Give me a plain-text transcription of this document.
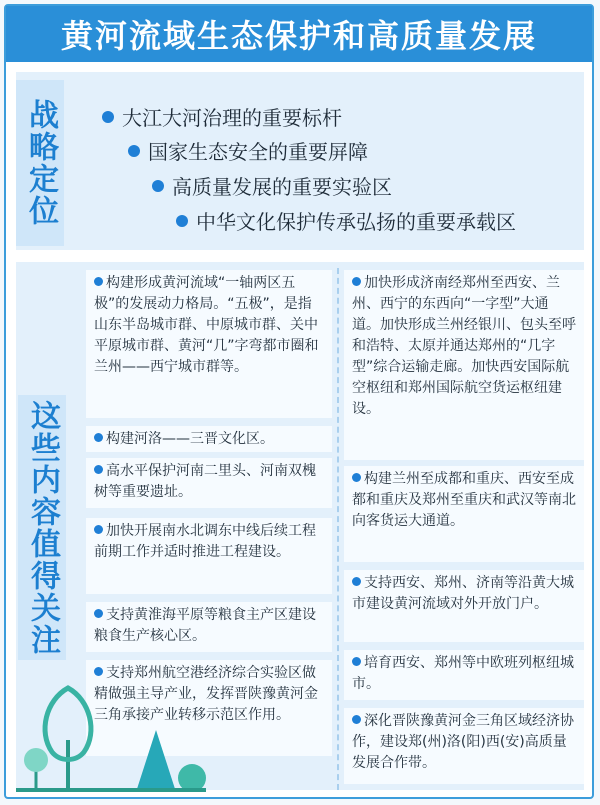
黄河流域生态保护和高质量发展
战略定位	大江大河治理的重要标杆
国家生态安全的重要屏障
高质量发展的重要实验区
中华文化保护传承弘扬的重要承载区
这些内容值得关注
构建形成黄河流域“一轴两区五极”的发展动力格局。“五极”，是指山东半岛城市群、中原城市群、关中平原城市群、黄河“几”字弯都市圈和兰州——西宁城市群等。
构建河洛——三晋文化区。
高水平保护河南二里头、河南双槐树等重要遗址。
加快开展南水北调东中线后续工程前期工作并适时推进工程建设。
支持黄淮海平原等粮食主产区建设粮食生产核心区。
支持郑州航空港经济综合实验区做精做强主导产业，发挥晋陕豫黄河金三角承接产业转移示范区作用。
加快形成济南经郑州至西安、兰州、西宁的东西向“一字型”大通道。加快形成兰州经银川、包头至呼和浩特、太原并通达郑州的“几字型”综合运输走廊。加快西安国际航空枢纽和郑州国际航空货运枢纽建设。
构建兰州至成都和重庆、西安至成都和重庆及郑州至重庆和武汉等南北向客货运大通道。
支持西安、郑州、济南等沿黄大城市建设黄河流域对外开放门户。
培育西安、郑州等中欧班列枢纽城市。
深化晋陕豫黄河金三角区域经济协作，建设郑(州)洛(阳)西(安)高质量发展合作带。
